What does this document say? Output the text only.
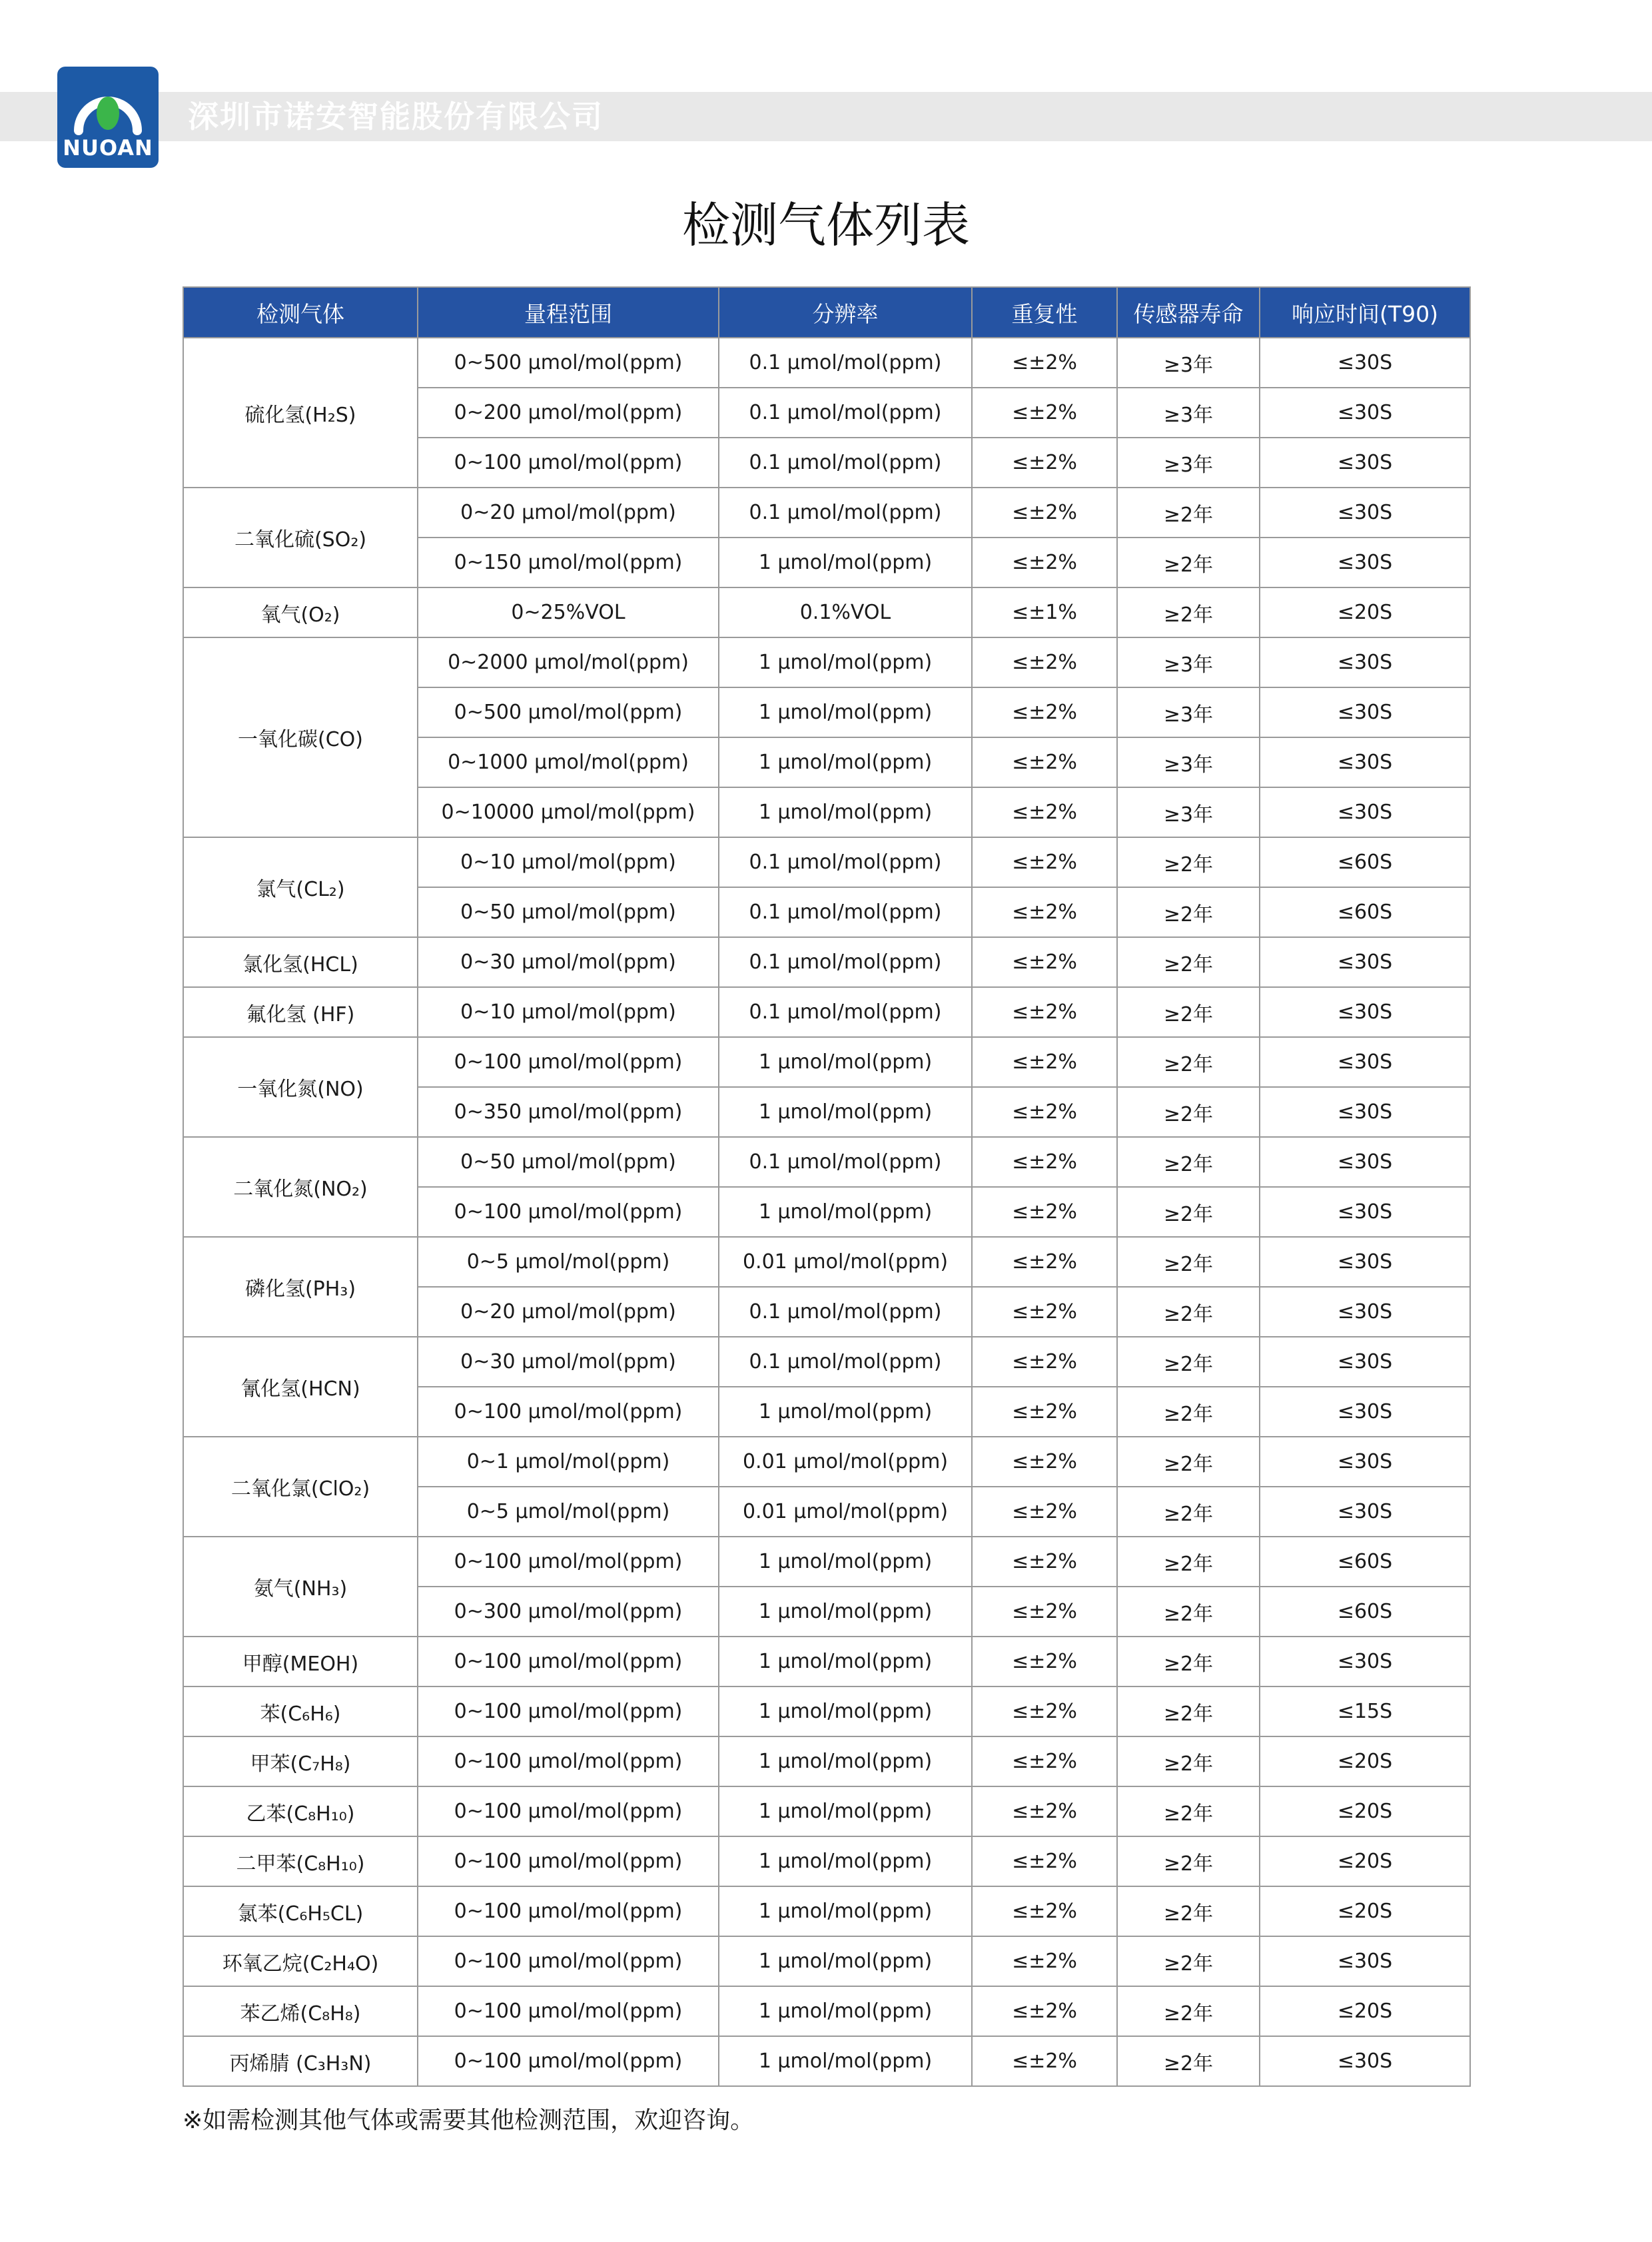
NUOAN
深圳市诺安智能股份有限公司
检测气体列表
检测气体	量程范围	分辨率	重复性	传感器寿命	响应时间(T90)
硫化氢(H₂S)	0~500 μmol/mol(ppm)	0.1 μmol/mol(ppm)	≤±2%	≥3年	≤30S
	0~200 μmol/mol(ppm)	0.1 μmol/mol(ppm)	≤±2%	≥3年	≤30S
	0~100 μmol/mol(ppm)	0.1 μmol/mol(ppm)	≤±2%	≥3年	≤30S
二氧化硫(SO₂)	0~20 μmol/mol(ppm)	0.1 μmol/mol(ppm)	≤±2%	≥2年	≤30S
	0~150 μmol/mol(ppm)	1 μmol/mol(ppm)	≤±2%	≥2年	≤30S
氧气(O₂)	0~25%VOL	0.1%VOL	≤±1%	≥2年	≤20S
一氧化碳(CO)	0~2000 μmol/mol(ppm)	1 μmol/mol(ppm)	≤±2%	≥3年	≤30S
	0~500 μmol/mol(ppm)	1 μmol/mol(ppm)	≤±2%	≥3年	≤30S
	0~1000 μmol/mol(ppm)	1 μmol/mol(ppm)	≤±2%	≥3年	≤30S
	0~10000 μmol/mol(ppm)	1 μmol/mol(ppm)	≤±2%	≥3年	≤30S
氯气(CL₂)	0~10 μmol/mol(ppm)	0.1 μmol/mol(ppm)	≤±2%	≥2年	≤60S
	0~50 μmol/mol(ppm)	0.1 μmol/mol(ppm)	≤±2%	≥2年	≤60S
氯化氢(HCL)	0~30 μmol/mol(ppm)	0.1 μmol/mol(ppm)	≤±2%	≥2年	≤30S
氟化氢 (HF)	0~10 μmol/mol(ppm)	0.1 μmol/mol(ppm)	≤±2%	≥2年	≤30S
一氧化氮(NO)	0~100 μmol/mol(ppm)	1 μmol/mol(ppm)	≤±2%	≥2年	≤30S
	0~350 μmol/mol(ppm)	1 μmol/mol(ppm)	≤±2%	≥2年	≤30S
二氧化氮(NO₂)	0~50 μmol/mol(ppm)	0.1 μmol/mol(ppm)	≤±2%	≥2年	≤30S
	0~100 μmol/mol(ppm)	1 μmol/mol(ppm)	≤±2%	≥2年	≤30S
磷化氢(PH₃)	0~5 μmol/mol(ppm)	0.01 μmol/mol(ppm)	≤±2%	≥2年	≤30S
	0~20 μmol/mol(ppm)	0.1 μmol/mol(ppm)	≤±2%	≥2年	≤30S
氰化氢(HCN)	0~30 μmol/mol(ppm)	0.1 μmol/mol(ppm)	≤±2%	≥2年	≤30S
	0~100 μmol/mol(ppm)	1 μmol/mol(ppm)	≤±2%	≥2年	≤30S
二氧化氯(ClO₂)	0~1 μmol/mol(ppm)	0.01 μmol/mol(ppm)	≤±2%	≥2年	≤30S
	0~5 μmol/mol(ppm)	0.01 μmol/mol(ppm)	≤±2%	≥2年	≤30S
氨气(NH₃)	0~100 μmol/mol(ppm)	1 μmol/mol(ppm)	≤±2%	≥2年	≤60S
	0~300 μmol/mol(ppm)	1 μmol/mol(ppm)	≤±2%	≥2年	≤60S
甲醇(MEOH)	0~100 μmol/mol(ppm)	1 μmol/mol(ppm)	≤±2%	≥2年	≤30S
苯(C₆H₆)	0~100 μmol/mol(ppm)	1 μmol/mol(ppm)	≤±2%	≥2年	≤15S
甲苯(C₇H₈)	0~100 μmol/mol(ppm)	1 μmol/mol(ppm)	≤±2%	≥2年	≤20S
乙苯(C₈H₁₀)	0~100 μmol/mol(ppm)	1 μmol/mol(ppm)	≤±2%	≥2年	≤20S
二甲苯(C₈H₁₀)	0~100 μmol/mol(ppm)	1 μmol/mol(ppm)	≤±2%	≥2年	≤20S
氯苯(C₆H₅CL)	0~100 μmol/mol(ppm)	1 μmol/mol(ppm)	≤±2%	≥2年	≤20S
环氧乙烷(C₂H₄O)	0~100 μmol/mol(ppm)	1 μmol/mol(ppm)	≤±2%	≥2年	≤30S
苯乙烯(C₈H₈)	0~100 μmol/mol(ppm)	1 μmol/mol(ppm)	≤±2%	≥2年	≤20S
丙烯腈 (C₃H₃N)	0~100 μmol/mol(ppm)	1 μmol/mol(ppm)	≤±2%	≥2年	≤30S
※如需检测其他气体或需要其他检测范围，欢迎咨询。
